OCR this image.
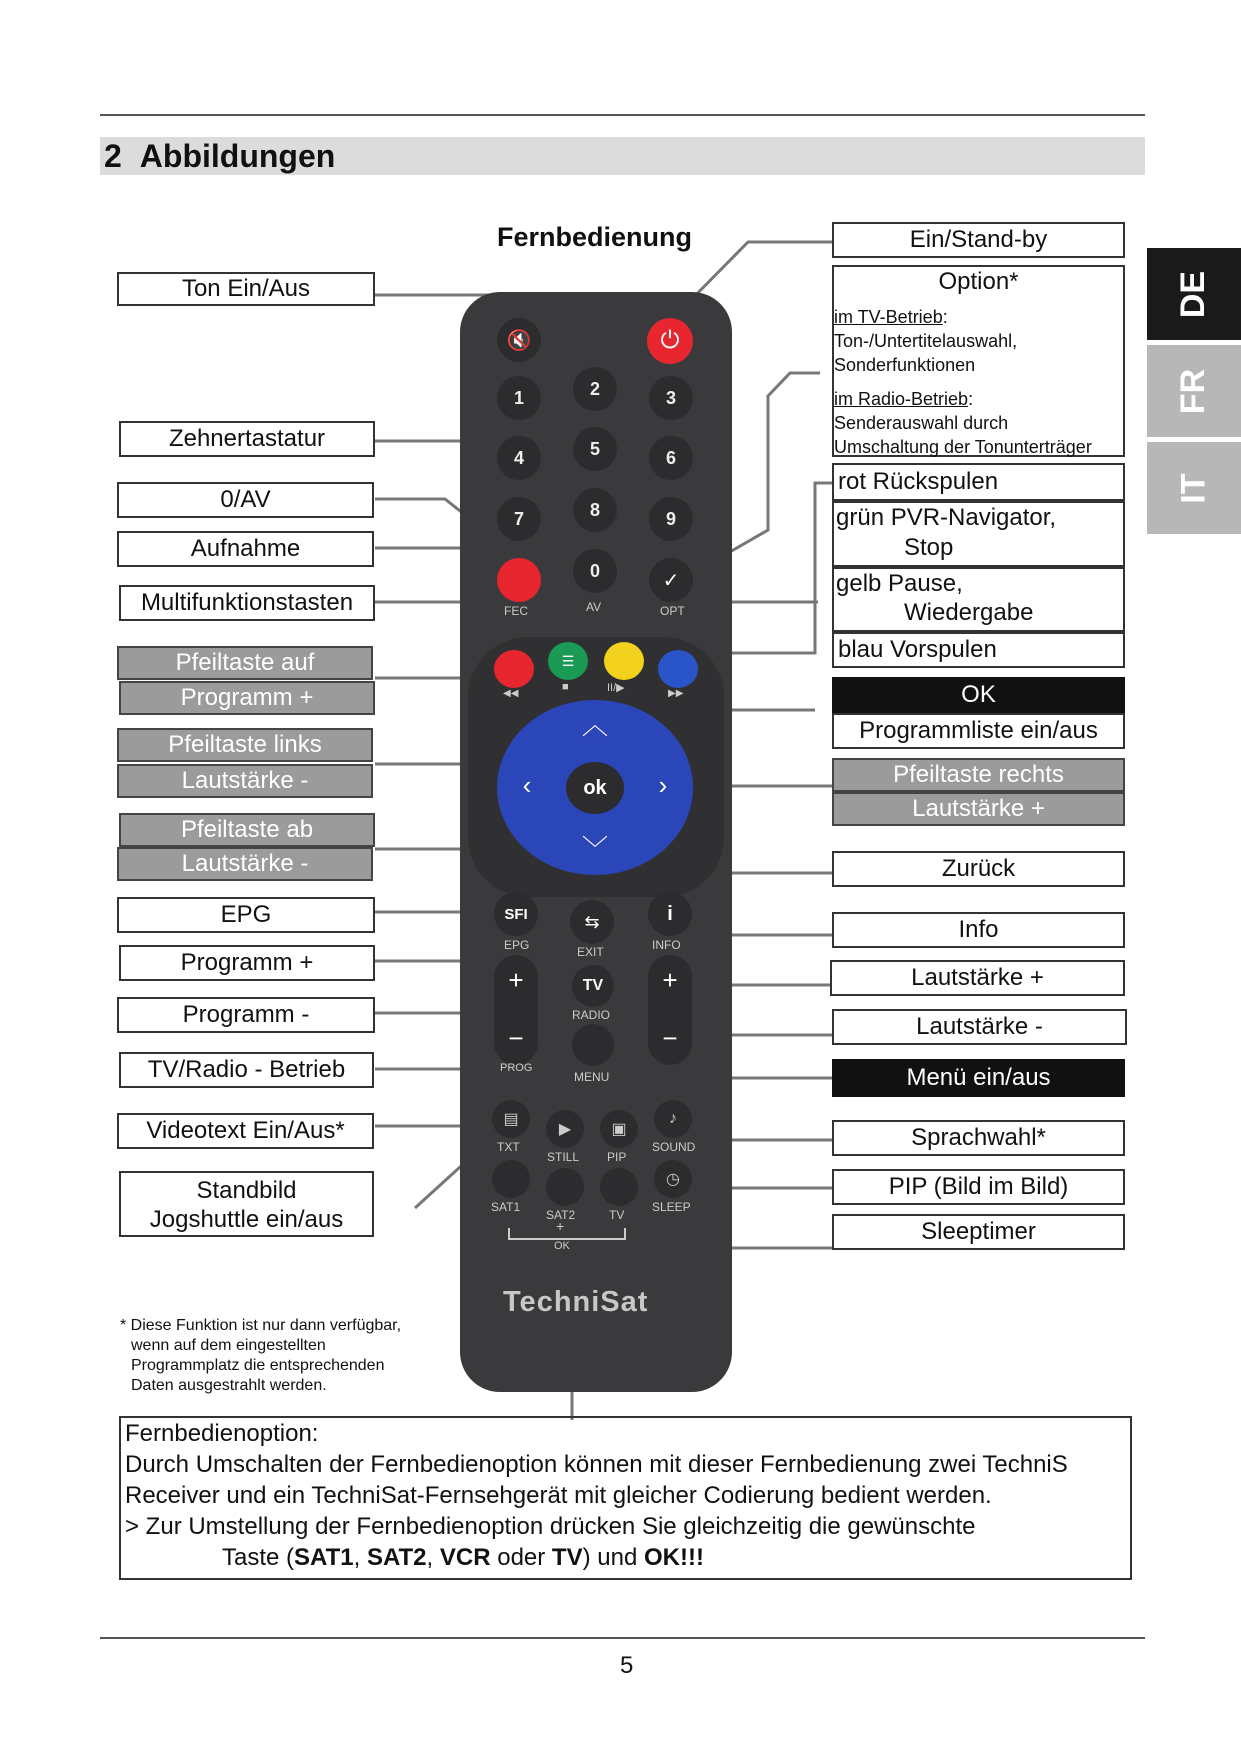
2 Abbildungen
Fernbedienung
DE
FR
IT
🔇	⏻
1	2	3
4	5	6
7	8	9
0	✓
FEC	AV	OPT
☰
◀◀
■	II/▶	▶▶
︿
‹	›
﹀
ok
SFI	⇆	i
EPG	EXIT	INFO
+
−
+
−
TV
RADIO
PROG
MENU
▤
▶	▣
♪
TXT
STILL PIP
SOUND
◷
SAT1
SAT2	TV
SLEEP
+
OK
TechniSat
Ton Ein/Aus
Zehnertastatur
0/AV
Aufnahme
Multifunktionstasten
Pfeiltaste auf
Programm +
Pfeiltaste links
Lautstärke -
Pfeiltaste ab
Lautstärke -
EPG
Programm +
Programm -
TV/Radio - Betrieb
Videotext Ein/Aus*
Standbild
Jogshuttle ein/aus
Ein/Stand-by
Option*
im TV-Betrieb:
Ton-/Untertitelauswahl,
Sonderfunktionen
im Radio-Betrieb:
Senderauswahl durch
Umschaltung der Tonunterträger
rot Rückspulen
grün PVR-Navigator,
Stop
gelb Pause,
Wiedergabe
blau Vorspulen
OK
Programmliste ein/aus
Pfeiltaste rechts
Lautstärke +
Zurück
Info
Lautstärke +
Lautstärke -
Menü ein/aus
Sprachwahl*
PIP (Bild im Bild)
Sleeptimer
* Diese Funktion ist nur dann verfügbar,
wenn auf dem eingestellten
Programmplatz die entsprechenden
Daten ausgestrahlt werden.
Fernbedienoption:
Durch Umschalten der Fernbedienoption können mit dieser Fernbedienung zwei TechniS
Receiver und ein TechniSat-Fernsehgerät mit gleicher Codierung bedient werden.
> Zur Umstellung der Fernbedienoption drücken Sie gleichzeitig die gewünschte
Taste (SAT1, SAT2, VCR oder TV) und OK!!!
5
